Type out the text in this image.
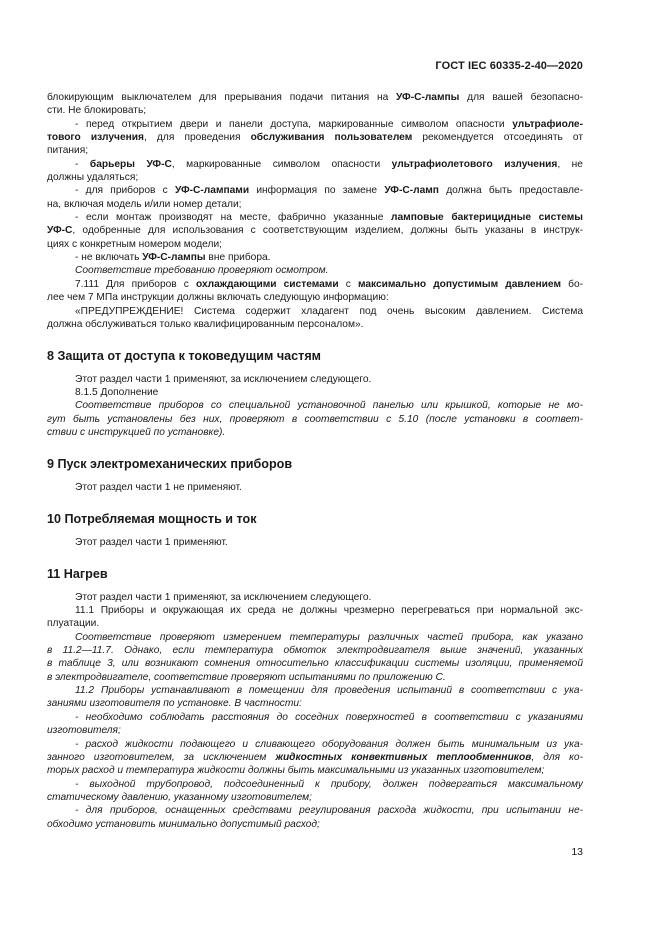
ГОСТ IEC 60335-2-40—2020
блокирующим выключателем для прерывания подачи питания на УФ-С-лампы для вашей безопасно-
сти. Не блокировать;
- перед открытием двери и панели доступа, маркированные символом опасности ультрафиоле-
тового излучения, для проведения обслуживания пользователем рекомендуется отсоединять от
питания;
- барьеры УФ-С, маркированные символом опасности ультрафиолетового излучения, не
должны удаляться;
- для приборов с УФ-С-лампами информация по замене УФ-С-ламп должна быть предоставле-
на, включая модель и/или номер детали;
- если монтаж производят на месте, фабрично указанные ламповые бактерицидные системы
УФ-С, одобренные для использования с соответствующим изделием, должны быть указаны в инструк-
циях с конкретным номером модели;
- не включать УФ-С-лампы вне прибора.
Соответствие требованию проверяют осмотром.
7.111 Для приборов с охлаждающими системами с максимально допустимым давлением бо-
лее чем 7 МПа инструкции должны включать следующую информацию:
«ПРЕДУПРЕЖДЕНИЕ! Система содержит хладагент под очень высоким давлением. Система
должна обслуживаться только квалифицированным персоналом».
8 Защита от доступа к токоведущим частям
Этот раздел части 1 применяют, за исключением следующего.
8.1.5 Дополнение
Соответствие приборов со специальной установочной панелью или крышкой, которые не мо-
гут быть установлены без них, проверяют в соответствии с 5.10 (после установки в соответ-
ствии с инструкцией по установке).
9 Пуск электромеханических приборов
Этот раздел части 1 не применяют.
10 Потребляемая мощность и ток
Этот раздел части 1 применяют.
11 Нагрев
Этот раздел части 1 применяют, за исключением следующего.
11.1 Приборы и окружающая их среда не должны чрезмерно перегреваться при нормальной экс-
плуатации.
Соответствие проверяют измерением температуры различных частей прибора, как указано
в 11.2—11.7. Однако, если температура обмоток электродвигателя выше значений, указанных
в таблице 3, или возникают сомнения относительно классификации системы изоляции, применяемой
в электродвигателе, соответствие проверяют испытаниями по приложению С.
11.2 Приборы устанавливают в помещении для проведения испытаний в соответствии с ука-
заниями изготовителя по установке. В частности:
- необходимо соблюдать расстояния до соседних поверхностей в соответствии с указаниями
изготовителя;
- расход жидкости подающего и сливающего оборудования должен быть минимальным из ука-
занного изготовителем, за исключением жидкостных конвективных теплообменников, для ко-
торых расход и температура жидкости должны быть максимальными из указанных изготовителем;
- выходной трубопровод, подсоединенный к прибору, должен подвергаться максимальному
статическому давлению, указанному изготовителем;
- для приборов, оснащенных средствами регулирования расхода жидкости, при испытании не-
обходимо установить минимально допустимый расход;
13
